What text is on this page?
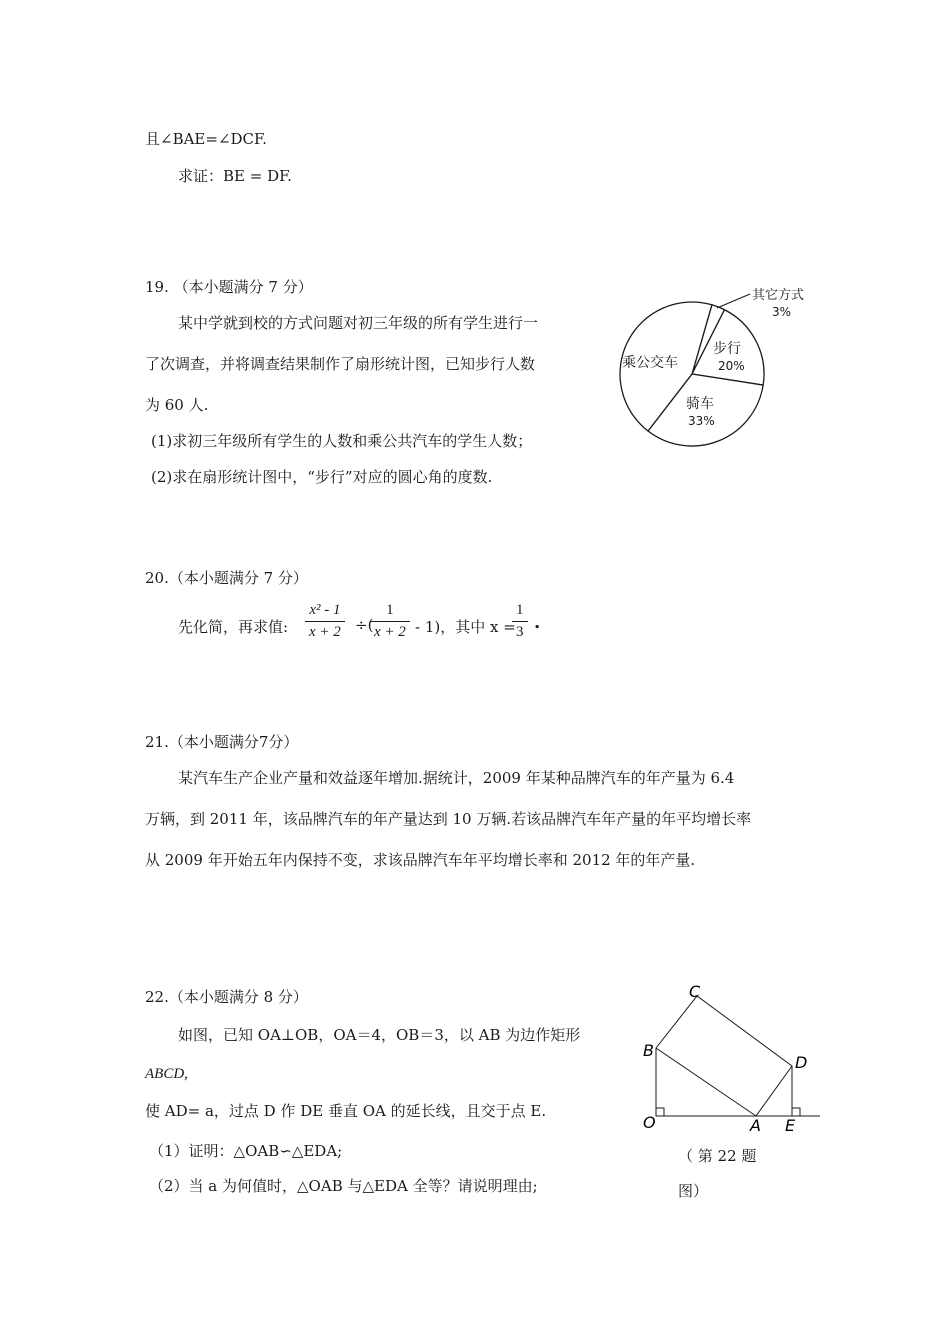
且∠BAE=∠DCF.
求证：BE = DF.
19. （本小题满分 7 分）
某中学就到校的方式问题对初三年级的所有学生进行一
了次调查，并将调查结果制作了扇形统计图，已知步行人数
为 60 人.
(1)求初三年级所有学生的人数和乘公共汽车的学生人数；
(2)求在扇形统计图中，“步行”对应的圆心角的度数.
其它方式
3%
步行
20%
骑车
33%
乘公交车
20.（本小题满分 7 分）
先化简，再求值: $\frac{\text{x² - 1}}{x + 2}$ ÷(
$\frac{1}{x + 2} - 1$)，其中 x =
$\frac{1}{3}$ .
21.（本小题满分7分）
某汽车生产企业产量和效益逐年增加.据统计，2009 年某种品牌汽车的年产量为 6.4
万辆，到 2011 年，该品牌汽车的年产量达到 10 万辆.若该品牌汽车年产量的年平均增长率
从 2009 年开始五年内保持不变，求该品牌汽车年平均增长率和 2012 年的年产量.
22.（本小题满分 8 分）
如图，已知 OA⊥OB，OA＝4，OB＝3，以 AB 为边作矩形
ABCD,
使 AD= a，过点 D 作 DE 垂直 OA 的延长线，且交于点 E.
（1）证明：△OAB∽△EDA;
（2）当 a 为何值时，△OAB 与△EDA 全等？请说明理由;
C
B
D
O	A E
（ 第 22 题
图）
